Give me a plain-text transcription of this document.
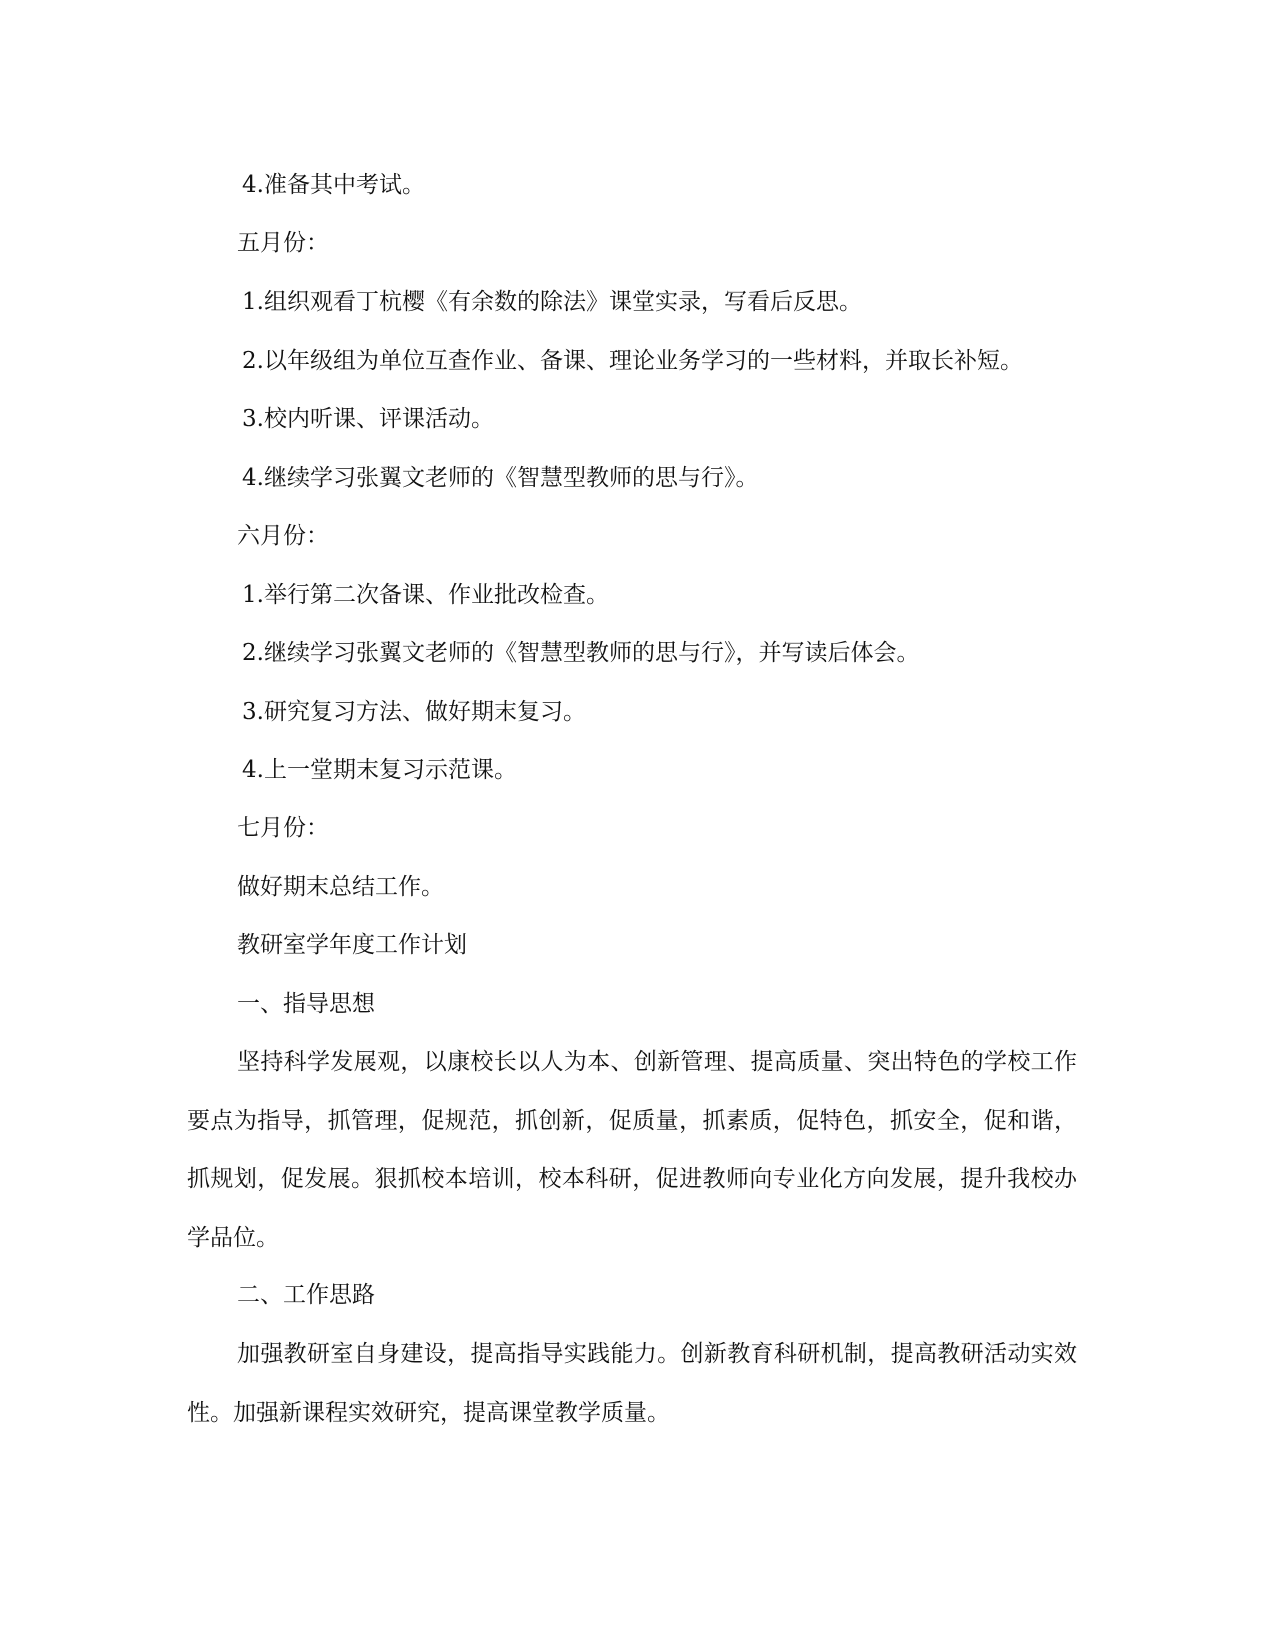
4.准备其中考试。

五月份：

1.组织观看丁杭樱《有余数的除法》课堂实录，写看后反思。

2.以年级组为单位互查作业、备课、理论业务学习的一些材料，并取长补短。

3.校内听课、评课活动。

4.继续学习张翼文老师的《智慧型教师的思与行》。

六月份：

1.举行第二次备课、作业批改检查。

2.继续学习张翼文老师的《智慧型教师的思与行》，并写读后体会。

3.研究复习方法、做好期末复习。

4.上一堂期末复习示范课。

七月份：

做好期末总结工作。

教研室学年度工作计划

一、指导思想

坚持科学发展观，以康校长以人为本、创新管理、提高质量、突出特色的学校工作要点为指导，抓管理，促规范，抓创新，促质量，抓素质，促特色，抓安全，促和谐，抓规划，促发展。狠抓校本培训，校本科研，促进教师向专业化方向发展，提升我校办学品位。

二、工作思路

加强教研室自身建设，提高指导实践能力。创新教育科研机制，提高教研活动实效性。加强新课程实效研究，提高课堂教学质量。
